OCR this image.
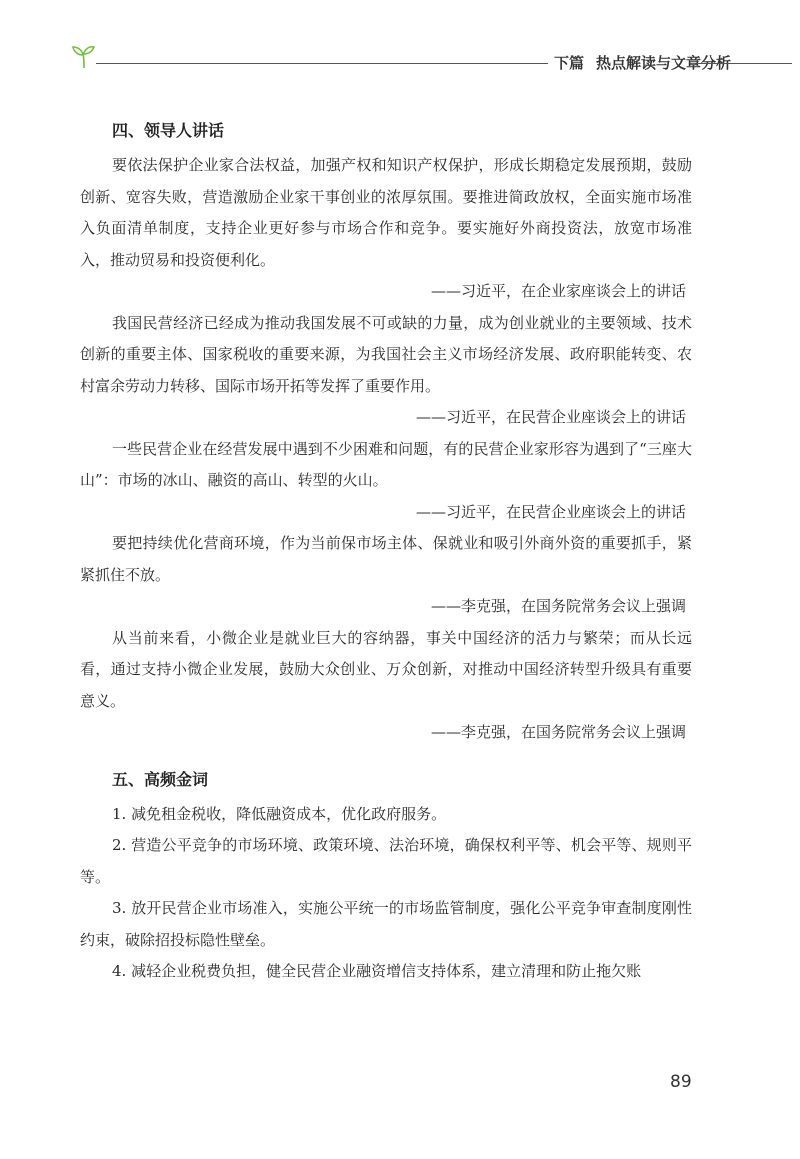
下篇 热点解读与文章分析
四、领导人讲话

要依法保护企业家合法权益，加强产权和知识产权保护，形成长期稳定发展预期，鼓励创新、宽容失败，营造激励企业家干事创业的浓厚氛围。要推进简政放权，全面实施市场准入负面清单制度，支持企业更好参与市场合作和竞争。要实施好外商投资法，放宽市场准入，推动贸易和投资便利化。

——习近平，在企业家座谈会上的讲话

我国民营经济已经成为推动我国发展不可或缺的力量，成为创业就业的主要领域、技术创新的重要主体、国家税收的重要来源，为我国社会主义市场经济发展、政府职能转变、农村富余劳动力转移、国际市场开拓等发挥了重要作用。

——习近平，在民营企业座谈会上的讲话

一些民营企业在经营发展中遇到不少困难和问题，有的民营企业家形容为遇到了“三座大山”：市场的冰山、融资的高山、转型的火山。

——习近平，在民营企业座谈会上的讲话

要把持续优化营商环境，作为当前保市场主体、保就业和吸引外商外资的重要抓手，紧紧抓住不放。

——李克强，在国务院常务会议上强调

从当前来看，小微企业是就业巨大的容纳器，事关中国经济的活力与繁荣；而从长远看，通过支持小微企业发展，鼓励大众创业、万众创新，对推动中国经济转型升级具有重要意义。

——李克强，在国务院常务会议上强调

五、高频金词

1. 减免租金税收，降低融资成本，优化政府服务。

2. 营造公平竞争的市场环境、政策环境、法治环境，确保权利平等、机会平等、规则平等。

3. 放开民营企业市场准入，实施公平统一的市场监管制度，强化公平竞争审查制度刚性约束，破除招投标隐性壁垒。

4. 减轻企业税费负担，健全民营企业融资增信支持体系，建立清理和防止拖欠账

89
